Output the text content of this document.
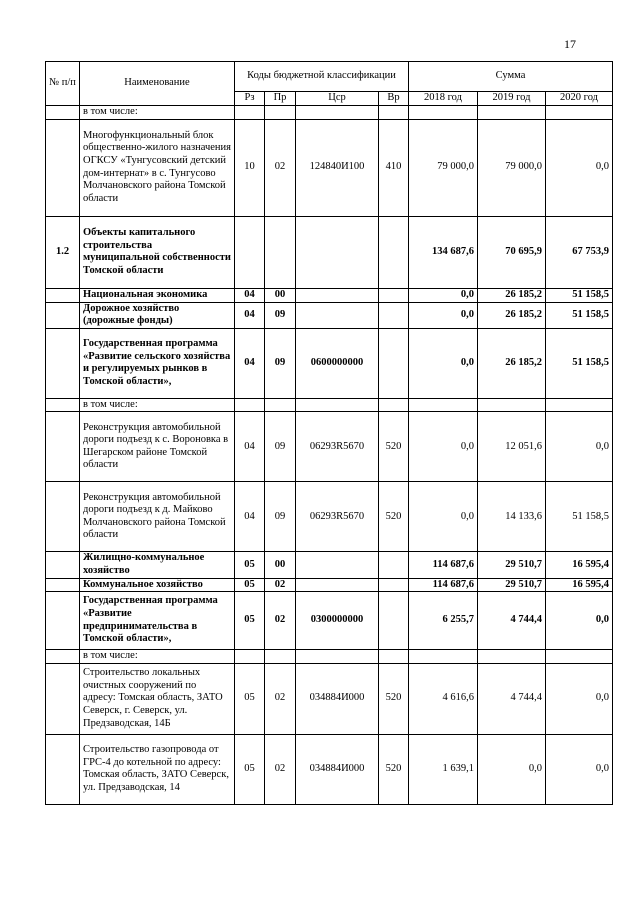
17
№ п/п	Наименование	Коды бюджетной классификации				Сумма		
		Рз	Пр	Цср	Вр	2018 год	2019 год	2020 год
	в том числе:							
	Многофункциональный блок общественно-жилого назначения ОГКСУ «Тунгусовский детский дом-интернат» в с. Тунгусово Молчановского района Томской области	10	02	124840И100	410	79 000,0	79 000,0	0,0
1.2	Объекты капитального строительства муниципальной собственности Томской области					134 687,6	70 695,9	67 753,9
	Национальная экономика	04	00			0,0	26 185,2	51 158,5
	Дорожное хозяйство (дорожные фонды)	04	09			0,0	26 185,2	51 158,5
	Государственная программа «Развитие сельского хозяйства и регулируемых рынков в Томской области»,	04	09	0600000000		0,0	26 185,2	51 158,5
	в том числе:							
	Реконструкция автомобильной дороги подъезд к с. Вороновка в Шегарском районе Томской области	04	09	06293R5670	520	0,0	12 051,6	0,0
	Реконструкция автомобильной дороги подъезд к д. Майково Молчановского района Томской области	04	09	06293R5670	520	0,0	14 133,6	51 158,5
	Жилищно-коммунальное хозяйство	05	00			114 687,6	29 510,7	16 595,4
	Коммунальное хозяйство	05	02			114 687,6	29 510,7	16 595,4
	Государственная программа «Развитие предпринимательства в Томской области»,	05	02	0300000000		6 255,7	4 744,4	0,0
	в том числе:							
	Строительство локальных очистных сооружений по адресу: Томская область, ЗАТО Северск, г. Северск, ул. Предзаводская, 14Б	05	02	034884И000	520	4 616,6	4 744,4	0,0
	Строительство газопровода от ГРС-4 до котельной по адресу: Томская область, ЗАТО Северск, ул. Предзаводская, 14	05	02	034884И000	520	1 639,1	0,0	0,0
